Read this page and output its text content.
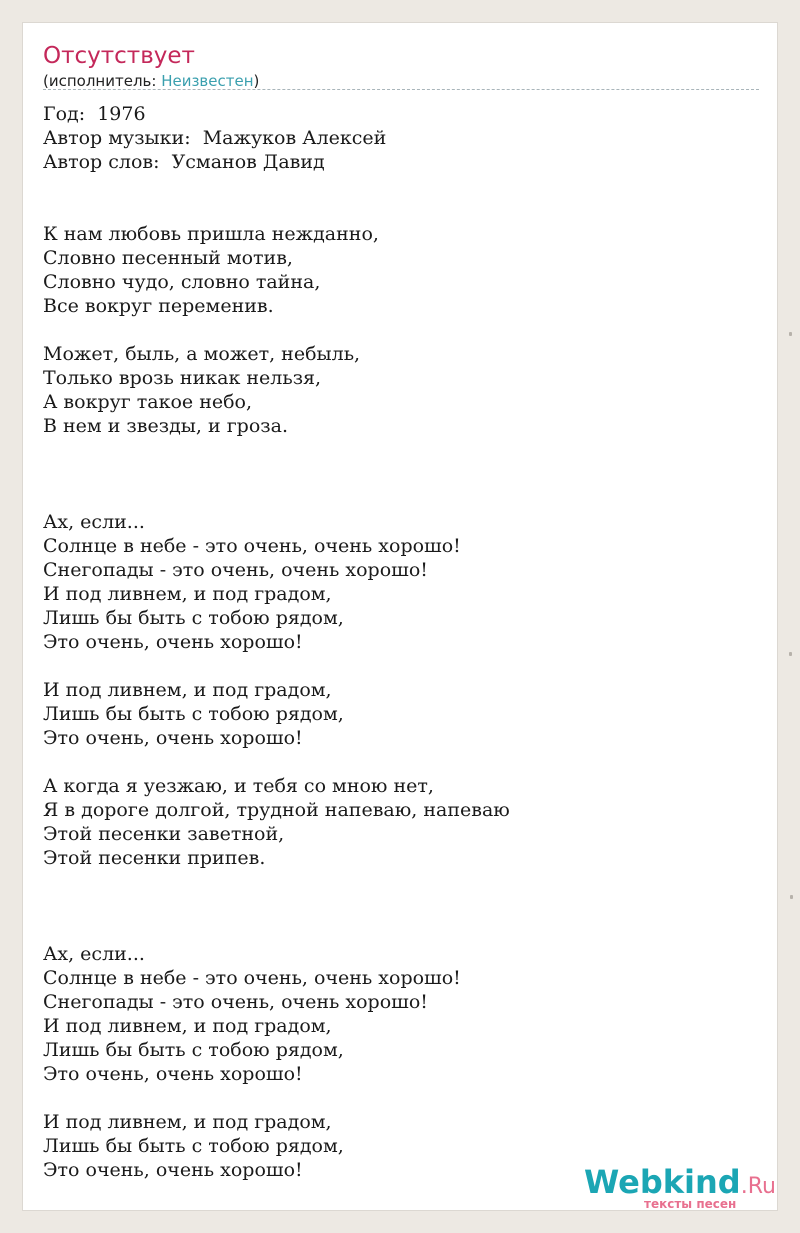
Отсутствует
(исполнитель: Неизвестен)
Год:  1976
Автор музыки:  Мажуков Алексей
Автор слов:  Усманов Давид
К нам любовь пришла нежданно,
Словно песенный мотив,
Словно чудо, словно тайна,
Все вокруг переменив.
Может, быль, а может, небыль,
Только врозь никак нельзя,
А вокруг такое небо,
В нем и звезды, и гроза.
Ах, если...
Солнце в небе - это очень, очень хорошо!
Снегопады - это очень, очень хорошо!
И под ливнем, и под градом,
Лишь бы быть с тобою рядом,
Это очень, очень хорошо!
И под ливнем, и под градом,
Лишь бы быть с тобою рядом,
Это очень, очень хорошо!
А когда я уезжаю, и тебя со мною нет,
Я в дороге долгой, трудной напеваю, напеваю
Этой песенки заветной,
Этой песенки припев.
Ах, если...
Солнце в небе - это очень, очень хорошо!
Снегопады - это очень, очень хорошо!
И под ливнем, и под градом,
Лишь бы быть с тобою рядом,
Это очень, очень хорошо!
И под ливнем, и под градом,
Лишь бы быть с тобою рядом,
Это очень, очень хорошо!	Webkind.Ru
тексты песен
